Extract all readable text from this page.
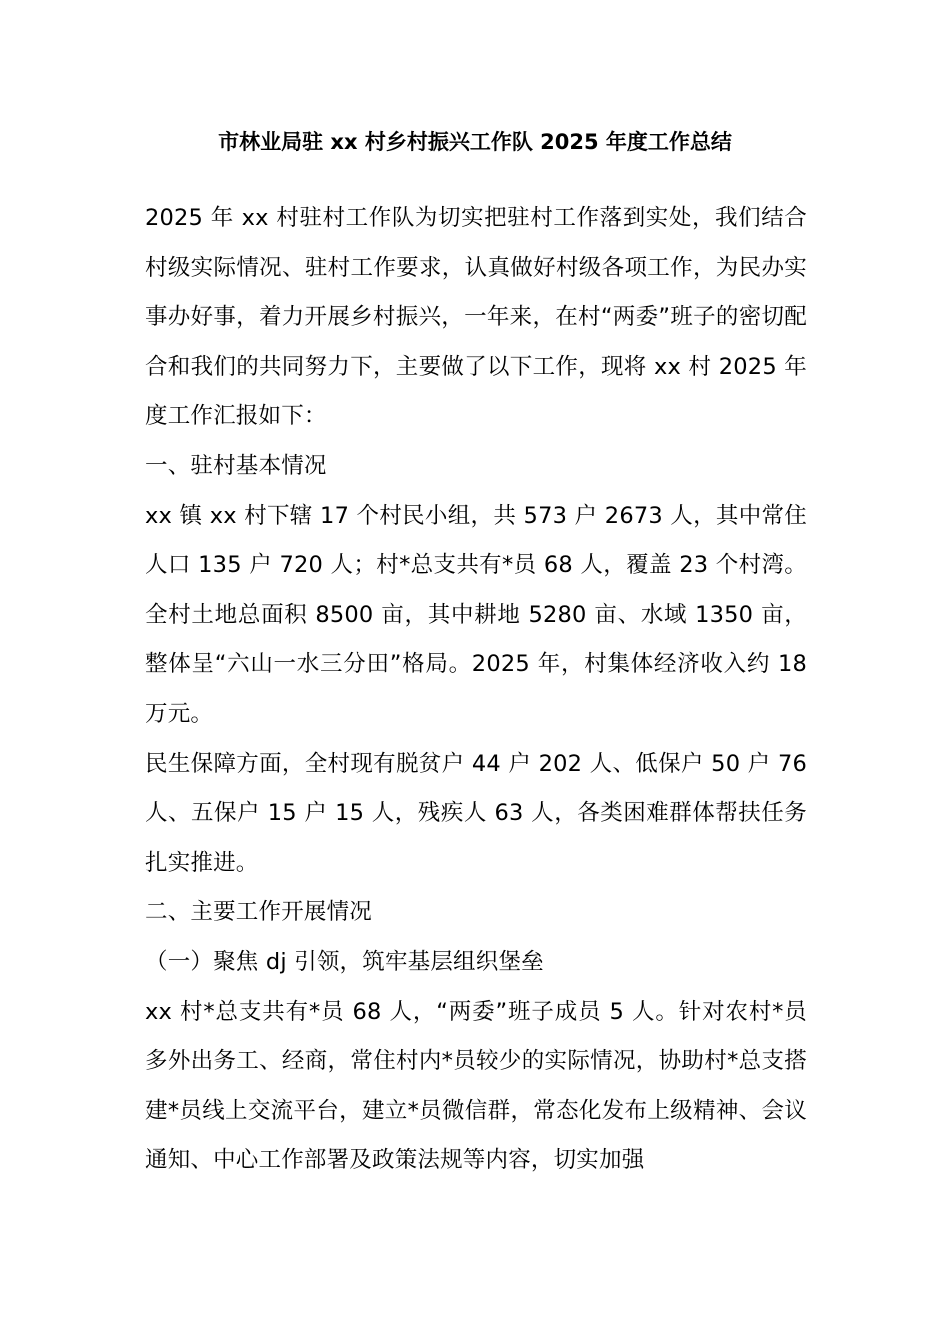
市林业局驻 xx 村乡村振兴工作队 2025 年度工作总结

2025 年 xx 村驻村工作队为切实把驻村工作落到实处，我们结合村级实际情况、驻村工作要求，认真做好村级各项工作，为民办实事办好事，着力开展乡村振兴，一年来，在村“两委”班子的密切配合和我们的共同努力下，主要做了以下工作，现将 xx 村 2025 年度工作汇报如下：

一、驻村基本情况

xx 镇 xx 村下辖 17 个村民小组，共 573 户 2673 人，其中常住人口 135 户 720 人；村*总支共有*员 68 人，覆盖 23 个村湾。全村土地总面积 8500 亩，其中耕地 5280 亩、水域 1350 亩，整体呈“六山一水三分田”格局。2025 年，村集体经济收入约 18 万元。

民生保障方面，全村现有脱贫户 44 户 202 人、低保户 50 户 76 人、五保户 15 户 15 人，残疾人 63 人，各类困难群体帮扶任务扎实推进。

二、主要工作开展情况

（一）聚焦 dj 引领，筑牢基层组织堡垒

xx 村*总支共有*员 68 人，“两委”班子成员 5 人。针对农村*员多外出务工、经商，常住村内*员较少的实际情况，协助村*总支搭建*员线上交流平台，建立*员微信群，常态化发布上级精神、会议通知、中心工作部署及政策法规等内容，切实加强
